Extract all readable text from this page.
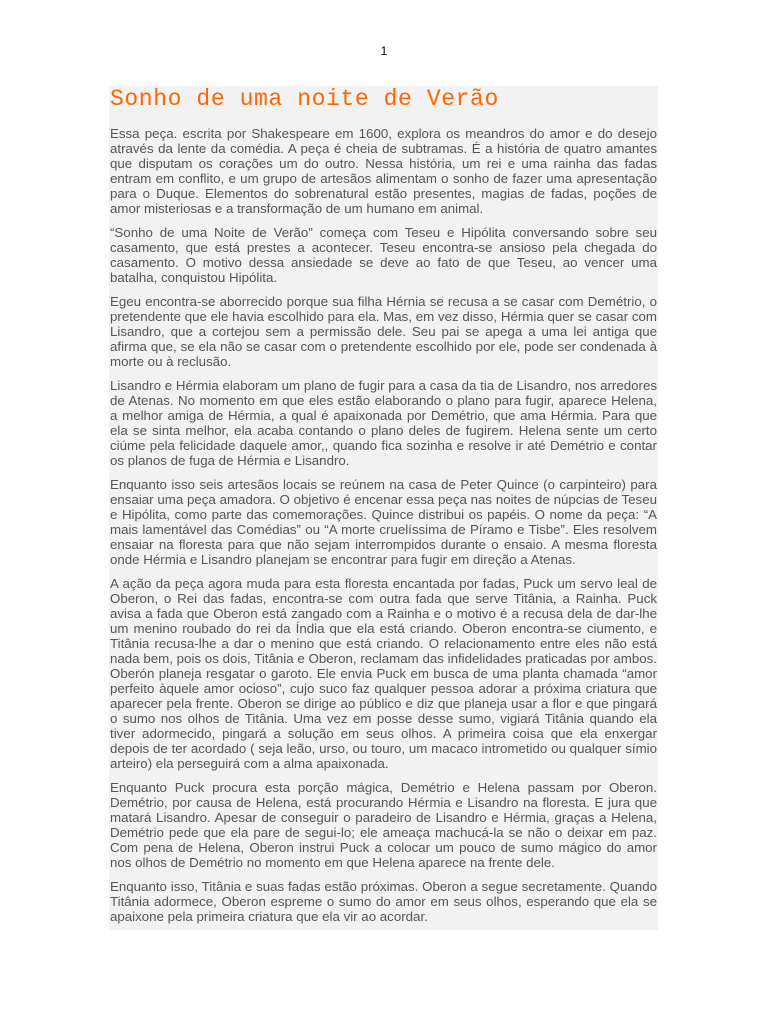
1
Sonho de uma noite de Verão

Essa peça. escrita por Shakespeare em 1600, explora os meandros do amor e do desejo através da lente da comédia. A peça é cheia de subtramas. É a história de quatro amantes que disputam os corações um do outro. Nessa história, um rei e uma rainha das fadas entram em conflito, e um grupo de artesãos alimentam o sonho de fazer uma apresentação para o Duque. Elementos do sobrenatural estão presentes, magias de fadas, poções de amor misteriosas e a transformação de um humano em animal.

“Sonho de uma Noite de Verão” começa com Teseu e Hipólita conversando sobre seu casamento, que está prestes a acontecer. Teseu encontra-se ansioso pela chegada do casamento. O motivo dessa ansiedade se deve ao fato de que Teseu, ao vencer uma batalha, conquistou Hipólita.

Egeu encontra-se aborrecido porque sua filha Hérnia se recusa a se casar com Demétrio, o pretendente que ele havia escolhido para ela. Mas, em vez disso, Hérmia quer se casar com Lisandro, que a cortejou sem a permissão dele. Seu pai se apega a uma lei antiga que afirma que, se ela não se casar com o pretendente escolhido por ele, pode ser condenada à morte ou à reclusão.

Lisandro e Hérmia elaboram um plano de fugir para a casa da tia de Lisandro, nos arredores de Atenas. No momento em que eles estão elaborando o plano para fugir, aparece Helena, a melhor amiga de Hérmia, a qual é apaixonada por Demétrio, que ama Hérmia. Para que ela se sinta melhor, ela acaba contando o plano deles de fugirem. Helena sente um certo ciúme pela felicidade daquele amor,, quando fica sozinha e resolve ir até Demétrio e contar os planos de fuga de Hérmia e Lisandro.

Enquanto isso seis artesãos locais se reúnem na casa de Peter Quince (o carpinteiro) para ensaiar uma peça amadora. O objetivo é encenar essa peça nas noites de núpcias de Teseu e Hipólita, como parte das comemorações. Quince distribui os papéis. O nome da peça: “A mais lamentável das Comédias” ou “A morte cruelíssima de Píramo e Tisbe”. Eles resolvem ensaiar na floresta para que não sejam interrompidos durante o ensaio. A mesma floresta onde Hérmia e Lisandro planejam se encontrar para fugir em direção a Atenas.

A ação da peça agora muda para esta floresta encantada por fadas, Puck um servo leal de Oberon, o Rei das fadas, encontra-se com outra fada que serve Titânia, a Rainha. Puck avisa a fada que Oberon está zangado com a Rainha e o motivo é a recusa dela de dar-lhe um menino roubado do rei da Índia que ela está criando. Oberon encontra-se ciumento, e Titânia recusa-lhe a dar o menino que está criando. O relacionamento entre eles não está nada bem, pois os dois, Titânia e Oberon, reclamam das infidelidades praticadas por ambos. Oberón planeja resgatar o garoto. Ele envia Puck em busca de uma planta chamada “amor perfeito àquele amor ocioso”, cujo suco faz qualquer pessoa adorar a próxima criatura que aparecer pela frente. Oberon se dirige ao público e diz que planeja usar a flor e que pingará o sumo nos olhos de Titânia. Uma vez em posse desse sumo, vigiará Titânia quando ela tiver adormecido, pingará a solução em seus olhos. A primeira coisa que ela enxergar depois de ter acordado ( seja leão, urso, ou touro, um macaco intrometido ou qualquer símio arteiro) ela perseguirá com a alma apaixonada.

Enquanto Puck procura esta porção mágica, Demétrio e Helena passam por Oberon. Demétrio, por causa de Helena, está procurando Hérmia e Lisandro na floresta. E jura que matará Lisandro. Apesar de conseguir o paradeiro de Lisandro e Hérmia, graças a Helena, Demétrio pede que ela pare de segui-lo; ele ameaça machucá-la se não o deixar em paz. Com pena de Helena, Oberon instrui Puck a colocar um pouco de sumo mágico do amor nos olhos de Demétrio no momento em que Helena aparece na frente dele.

Enquanto isso, Titânia e suas fadas estão próximas. Oberon a segue secretamente. Quando Titânia adormece, Oberon espreme o sumo do amor em seus olhos, esperando que ela se apaixone pela primeira criatura que ela vir ao acordar.
